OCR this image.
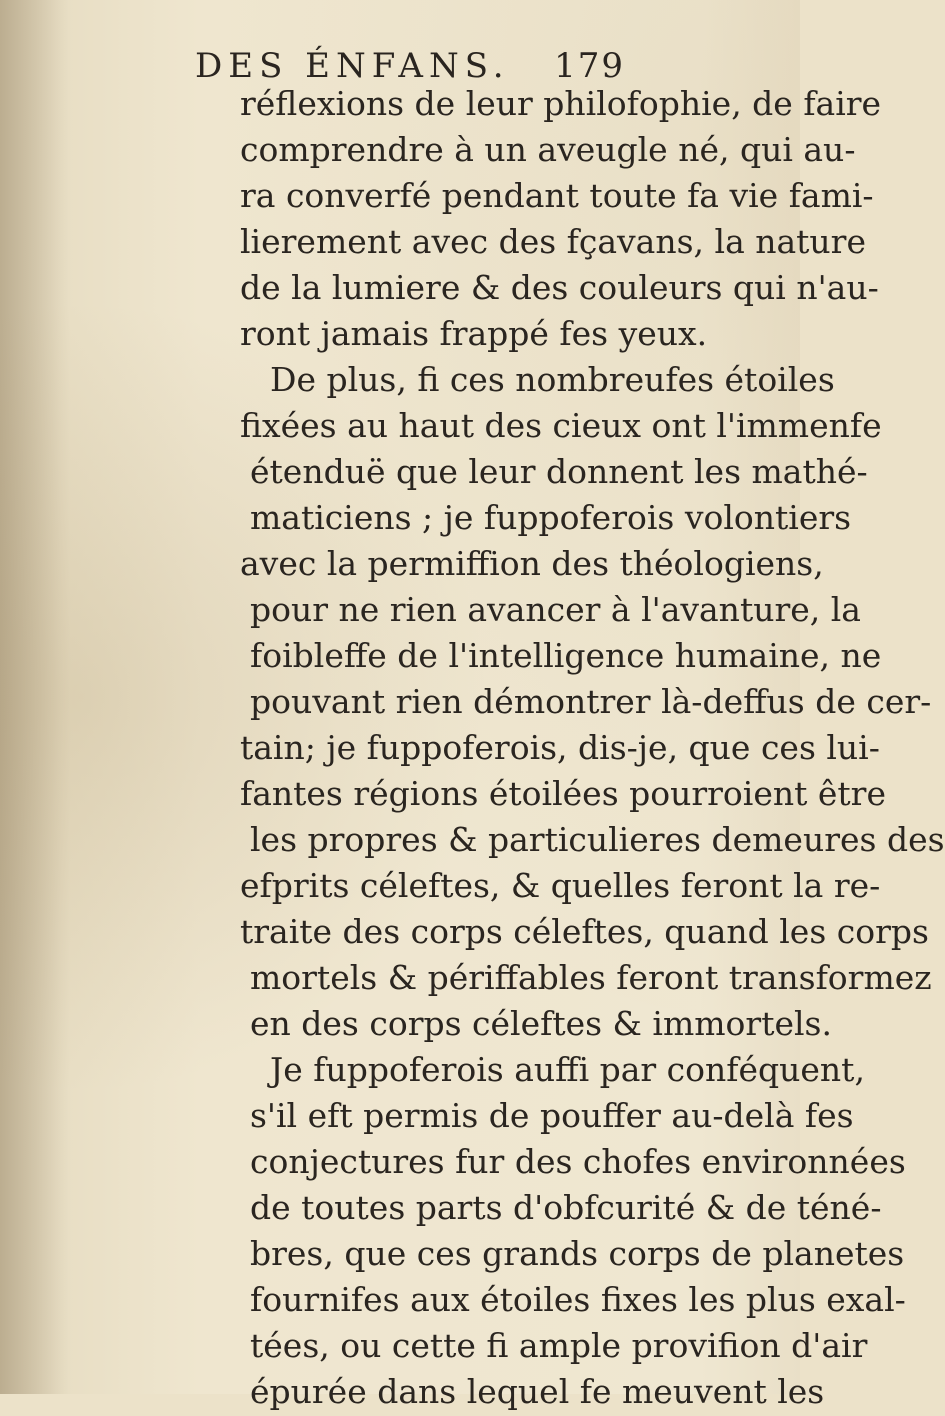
DES ÉNFANS. 179
réflexions de leur philofophie, de faire
comprendre à un aveugle né, qui au-
ra converfé pendant toute fa vie fami-
lierement avec des fçavans, la nature
de la lumiere & des couleurs qui n'au-
ront jamais frappé fes yeux.
De plus, fi ces nombreufes étoiles
fixées au haut des cieux ont l'immenfe
étenduë que leur donnent les mathé-
maticiens ; je fuppoferois volontiers
avec la permiffion des théologiens,
pour ne rien avancer à l'avanture, la
foibleffe de l'intelligence humaine, ne
pouvant rien démontrer là-deffus de cer-
tain; je fuppoferois, dis-je, que ces lui-
fantes régions étoilées pourroient être
les propres & particulieres demeures des
efprits céleftes, & quelles feront la re-
traite des corps céleftes, quand les corps
mortels & périffables feront transformez
en des corps céleftes & immortels.
Je fuppoferois auffi par conféquent,
s'il eft permis de pouffer au-delà fes
conjectures fur des chofes environnées
de toutes parts d'obfcurité & de téné-
bres, que ces grands corps de planetes
fournifes aux étoiles fixes les plus exal-
tées, ou cette fi ample provifion d'air
épurée dans lequel fe meuvent les
